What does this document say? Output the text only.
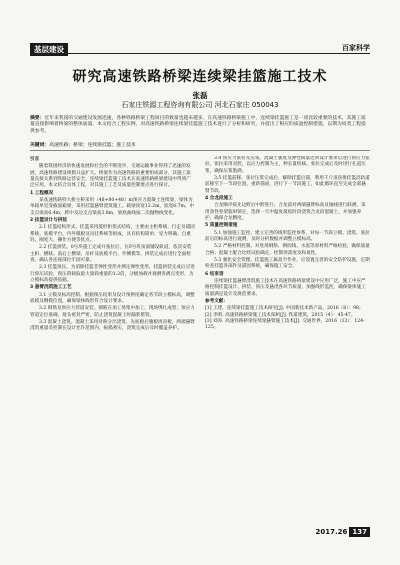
基层建设	百家科学
研究高速铁路桥梁连续梁挂篮施工技术
张磊
石家庄铁源工程咨询有限公司 河北石家庄 050043
摘要：近年来我国的交通建设发展迅速，各种铁路桥梁工程项目的数量也越来越多，在高速铁路桥梁施工中，连续梁挂篮施工是一项比较重要的技术，其施工质量直接影响着桥梁的整体质量。本文结合工程实例，对高速铁路桥梁连续梁挂篮施工技术进行了分析和研究，并提出了相应的质量控制措施，以期为同类工程提供参考。
关键词：高速铁路；桥梁；连续梁挂篮；施工技术

引言

随着我国经济的快速发展和社会的不断进步，交通运输事业得到了迅速的发展，高速铁路建设规模日益扩大。桥梁作为高速铁路的重要组成部分，其施工质量直接关系到铁路运营安全。连续梁挂篮施工技术在高速铁路桥梁建设中得到广泛应用，本文结合具体工程，对其施工工艺及质量控制要点进行探讨。

1 工程概况

某高速铁路特大桥主桥采用（48+80+48）m预应力混凝土连续梁，梁体为单箱单室变截面箱梁，采用挂篮悬臂浇筑施工。箱梁顶宽12.2m，底宽6.7m，中支点梁高6.4m，跨中及边支点梁高3.8m，梁底曲线按二次抛物线变化。

2 挂篮设计与拼装

2.1 挂篮结构形式。挂篮采用菱形桁架式结构，主要由主桁系统、行走及锚固系统、底模平台、内外模板及吊挂系统等组成，具有结构简单、受力明确、自重轻、刚度大、操作方便等优点。

2.2 挂篮拼装。0号块施工完成并张拉后，在0号块顶面铺设轨道，依次安装主桁、横联、前后上横梁、吊杆及底模平台、外侧模等。拼装完成后进行全面检查，确认各连接部位牢固可靠。

2.3 挂篮预压。为消除挂篮非弹性变形并测定弹性变形，挂篮拼装完成后应进行预压试验，预压荷载取最大梁段重量的1.2倍，分级加载并观测各测点变形，为立模标高提供依据。

3 悬臂浇筑施工工艺

3.1 立模及标高控制。根据预压结果及设计预拱度确定各节段立模标高，调整底模及侧模位置，确保梁体线形符合设计要求。

3.2 钢筋及预应力管道安装。钢筋在加工场集中加工，现场绑扎成型；预应力管道定位准确，接头密封严密，防止浇筑混凝土时漏浆堵管。

3.3 混凝土浇筑。混凝土采用对称分层浇筑，先底板后腹板再顶板，两端悬臂浇筑重量差控制在设计允许范围内，振捣密实，浇筑完成后及时覆盖养护。

3.4 预应力张拉及压浆。混凝土强度及弹性模量达到设计要求后进行预应力张拉，张拉采用双控，以应力控制为主，伸长量校核。张拉完成后及时进行孔道压浆，确保压浆饱满。

3.5 挂篮前移。张拉压浆完成后，解除挂篮后锚，利用千斤顶顶推挂篮沿轨道前移至下一节段位置，重新锚固，进行下一节段施工，如此循环直至完成全部悬臂节段。

4 合龙段施工

合龙顺序按先边跨后中跨进行。合龙前对两端悬臂标高及轴线进行联测，采用劲性骨架临时锁定，选择一天中温度最低时段浇筑合龙段混凝土，并加强养护，确保合龙精度。

5 质量控制措施

5.1 加强施工监控。建立完善的线形监控体系，对每一节段立模、浇筑、张拉前后的标高进行观测，及时分析数据并调整立模标高。

5.2 严格材料控制。对进场钢筋、钢绞线、水泥等原材料严格检验，确保质量合格；混凝土配合比经试验确定，控制坍落度及和易性。

5.3 强化安全管理。挂篮施工属高空作业，应设置完善的安全防护设施，定期检查挂篮各部件及锚固系统，确保施工安全。

6 结束语

连续梁挂篮悬臂浇筑施工技术在高速铁路桥梁建设中应用广泛，施工中应严格控制挂篮设计、拼装、预压及悬浇各环节质量，加强线形监控，确保梁体施工质量满足设计及规范要求。

参考文献：

[1] 王建，连续梁挂篮施工技术研究[J]. 中国新技术新产品，2016（8）：98。

[2] 李明. 高速铁路桥梁施工技术探析[J]. 铁道建筑，2015（4）：45-47。

[3] 刘涛. 高速铁路桥梁连续梁悬臂施工技术[J]. 交通世界，2016（12）：124-125。

2017.26 137
